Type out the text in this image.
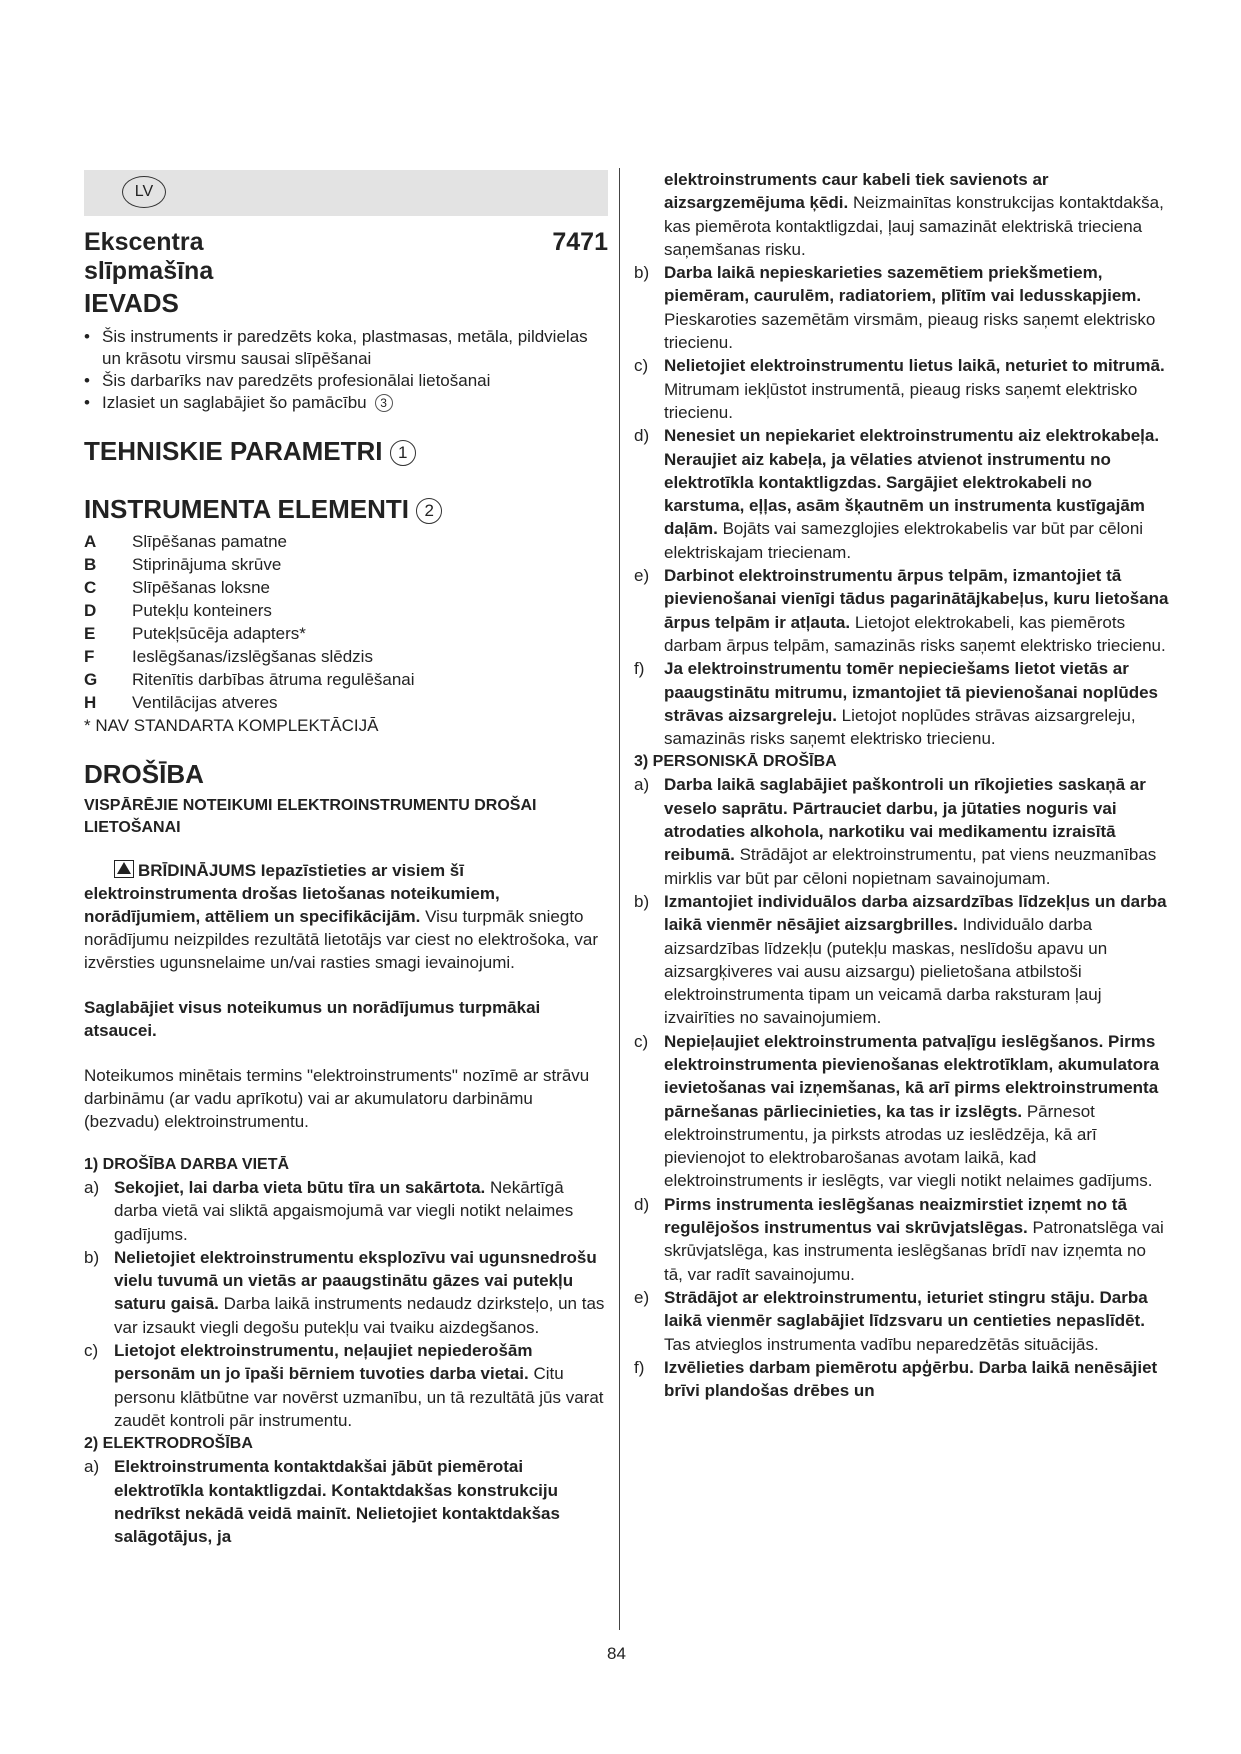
LV
Ekscentra
slīpmašīna
7471
IEVADS
• Šis instruments ir paredzēts koka, plastmasas, metāla, pildvielas un krāsotu virsmu sausai slīpēšanai
• Šis darbarīks nav paredzēts profesionālai lietošanai
• Izlasiet un saglabājiet šo pamācību 3
TEHNISKIE PARAMETRI 1
INSTRUMENTA ELEMENTI 2
A	Slīpēšanas pamatne
B	Stiprinājuma skrūve
C	Slīpēšanas loksne
D	Putekļu konteiners
E	Putekļsūcēja adapters*
F	Ieslēgšanas/izslēgšanas slēdzis
G	Ritenītis darbības ātruma regulēšanai
H	Ventilācijas atveres
* NAV STANDARTA KOMPLEKTĀCIJĀ
DROŠĪBA
VISPĀRĒJIE NOTEIKUMI ELEKTROINSTRUMENTU DROŠAI LIETOŠANAI
BRĪDINĀJUMS Iepazīstieties ar visiem šī elektroinstrumenta drošas lietošanas noteikumiem, norādījumiem, attēliem un specifikācijām. Visu turpmāk sniegto norādījumu neizpildes rezultātā lietotājs var ciest no elektrošoka, var izvērsties ugunsnelaime un/vai rasties smagi ievainojumi.
Saglabājiet visus noteikumus un norādījumus turpmākai atsaucei.
Noteikumos minētais termins "elektroinstruments" nozīmē ar strāvu darbināmu (ar vadu aprīkotu) vai ar akumulatoru darbināmu (bezvadu) elektroinstrumentu.
1) DROŠĪBA DARBA VIETĀ
a) Sekojiet, lai darba vieta būtu tīra un sakārtota. Nekārtīgā darba vietā vai sliktā apgaismojumā var viegli notikt nelaimes gadījums.
b) Nelietojiet elektroinstrumentu eksplozīvu vai ugunsnedrošu vielu tuvumā un vietās ar paaugstinātu gāzes vai putekļu saturu gaisā. Darba laikā instruments nedaudz dzirksteļo, un tas var izsaukt viegli degošu putekļu vai tvaiku aizdegšanos.
c) Lietojot elektroinstrumentu, neļaujiet nepiederošām personām un jo īpaši bērniem tuvoties darba vietai. Citu personu klātbūtne var novērst uzmanību, un tā rezultātā jūs varat zaudēt kontroli pār instrumentu.
2) ELEKTRODROŠĪBA
a) Elektroinstrumenta kontaktdakšai jābūt piemērotai elektrotīkla kontaktligzdai. Kontaktdakšas konstrukciju nedrīkst nekādā veidā mainīt. Nelietojiet kontaktdakšas salāgotājus, ja
elektroinstruments caur kabeli tiek savienots ar aizsargzemējuma ķēdi. Neizmainītas konstrukcijas kontaktdakša, kas piemērota kontaktligzdai, ļauj samazināt elektriskā trieciena saņemšanas risku.
b) Darba laikā nepieskarieties sazemētiem priekšmetiem, piemēram, caurulēm, radiatoriem, plītīm vai ledusskapjiem. Pieskaroties sazemētām virsmām, pieaug risks saņemt elektrisko triecienu.
c) Nelietojiet elektroinstrumentu lietus laikā, neturiet to mitrumā. Mitrumam iekļūstot instrumentā, pieaug risks saņemt elektrisko triecienu.
d) Nenesiet un nepiekariet elektroinstrumentu aiz elektrokabeļa. Neraujiet aiz kabeļa, ja vēlaties atvienot instrumentu no elektrotīkla kontaktligzdas. Sargājiet elektrokabeli no karstuma, eļļas, asām šķautnēm un instrumenta kustīgajām daļām. Bojāts vai samezglojies elektrokabelis var būt par cēloni elektriskajam triecienam.
e) Darbinot elektroinstrumentu ārpus telpām, izmantojiet tā pievienošanai vienīgi tādus pagarinātājkabeļus, kuru lietošana ārpus telpām ir atļauta. Lietojot elektrokabeli, kas piemērots darbam ārpus telpām, samazinās risks saņemt elektrisko triecienu.
f) Ja elektroinstrumentu tomēr nepieciešams lietot vietās ar paaugstinātu mitrumu, izmantojiet tā pievienošanai noplūdes strāvas aizsargreleju. Lietojot noplūdes strāvas aizsargreleju, samazinās risks saņemt elektrisko triecienu.
3) PERSONISKĀ DROŠĪBA
a) Darba laikā saglabājiet paškontroli un rīkojieties saskaņā ar veselo saprātu. Pārtrauciet darbu, ja jūtaties noguris vai atrodaties alkohola, narkotiku vai medikamentu izraisītā reibumā. Strādājot ar elektroinstrumentu, pat viens neuzmanības mirklis var būt par cēloni nopietnam savainojumam.
b) Izmantojiet individuālos darba aizsardzības līdzekļus un darba laikā vienmēr nēsājiet aizsargbrilles. Individuālo darba aizsardzības līdzekļu (putekļu maskas, neslīdošu apavu un aizsargķiveres vai ausu aizsargu) pielietošana atbilstoši elektroinstrumenta tipam un veicamā darba raksturam ļauj izvairīties no savainojumiem.
c) Nepieļaujiet elektroinstrumenta patvaļīgu ieslēgšanos. Pirms elektroinstrumenta pievienošanas elektrotīklam, akumulatora ievietošanas vai izņemšanas, kā arī pirms elektroinstrumenta pārnešanas pārliecinieties, ka tas ir izslēgts. Pārnesot elektroinstrumentu, ja pirksts atrodas uz ieslēdzēja, kā arī pievienojot to elektrobarošanas avotam laikā, kad elektroinstruments ir ieslēgts, var viegli notikt nelaimes gadījums.
d) Pirms instrumenta ieslēgšanas neaizmirstiet izņemt no tā regulējošos instrumentus vai skrūvjatslēgas. Patronatslēga vai skrūvjatslēga, kas instrumenta ieslēgšanas brīdī nav izņemta no tā, var radīt savainojumu.
e) Strādājot ar elektroinstrumentu, ieturiet stingru stāju. Darba laikā vienmēr saglabājiet līdzsvaru un centieties nepaslīdēt. Tas atvieglos instrumenta vadību neparedzētās situācijās.
f) Izvēlieties darbam piemērotu apģērbu. Darba laikā nenēsājiet brīvi plandošas drēbes un
84
